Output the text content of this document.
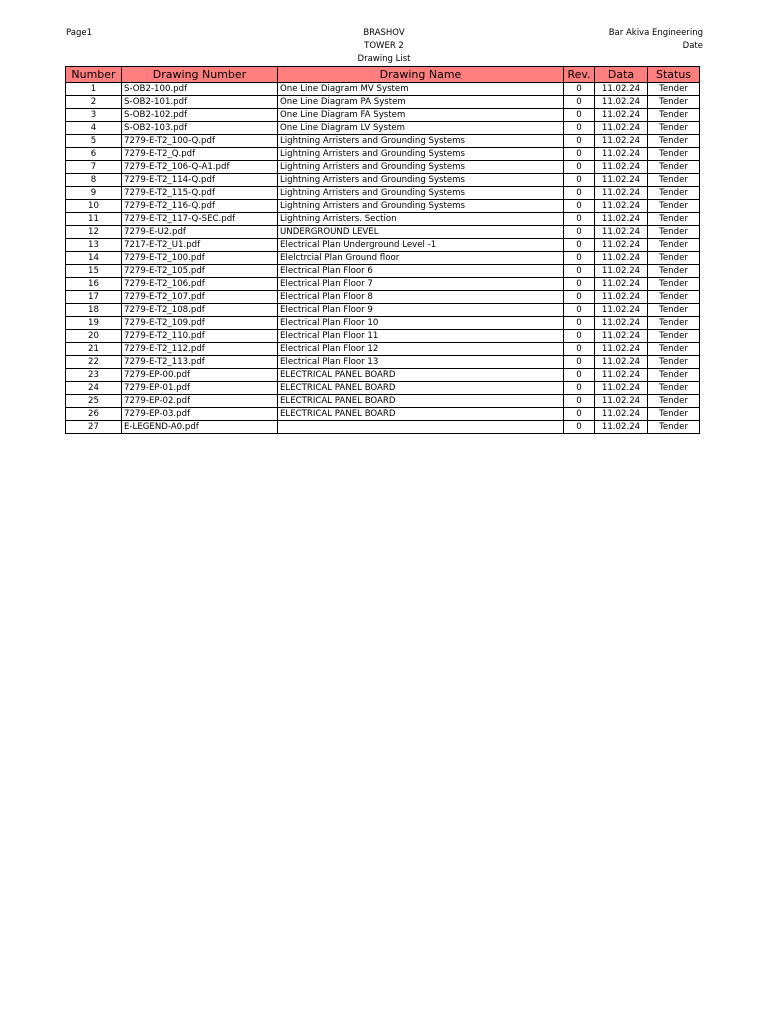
Page1	BRASHOV
TOWER 2
Drawing List
Bar Akiva Engineering
Date
Number	Drawing Number	Drawing Name	Rev.	Data	Status
1	S-OB2-100.pdf	One Line Diagram MV System	0	11.02.24	Tender
2	S-OB2-101.pdf	One Line Diagram PA System	0	11.02.24	Tender
3	S-OB2-102.pdf	One Line Diagram FA System	0	11.02.24	Tender
4	S-OB2-103.pdf	One Line Diagram LV System	0	11.02.24	Tender
5	7279-E-T2_100-Q.pdf	Lightning Arristers and Grounding Systems	0	11.02.24	Tender
6	7279-E-T2_Q.pdf	Lightning Arristers and Grounding Systems	0	11.02.24	Tender
7	7279-E-T2_106-Q-A1.pdf	Lightning Arristers and Grounding Systems	0	11.02.24	Tender
8	7279-E-T2_114-Q.pdf	Lightning Arristers and Grounding Systems	0	11.02.24	Tender
9	7279-E-T2_115-Q.pdf	Lightning Arristers and Grounding Systems	0	11.02.24	Tender
10	7279-E-T2_116-Q.pdf	Lightning Arristers and Grounding Systems	0	11.02.24	Tender
11	7279-E-T2_117-Q-SEC.pdf	Lightning Arristers. Section	0	11.02.24	Tender
12	7279-E-U2.pdf	UNDERGROUND LEVEL	0	11.02.24	Tender
13	7217-E-T2_U1.pdf	Electrical Plan Underground Level -1	0	11.02.24	Tender
14	7279-E-T2_100.pdf	Elelctrcial Plan Ground floor	0	11.02.24	Tender
15	7279-E-T2_105.pdf	Electrical Plan Floor 6	0	11.02.24	Tender
16	7279-E-T2_106.pdf	Electrical Plan Floor 7	0	11.02.24	Tender
17	7279-E-T2_107.pdf	Electrical Plan Floor 8	0	11.02.24	Tender
18	7279-E-T2_108.pdf	Electrical Plan Floor 9	0	11.02.24	Tender
19	7279-E-T2_109.pdf	Electrical Plan Floor 10	0	11.02.24	Tender
20	7279-E-T2_110.pdf	Electrical Plan Floor 11	0	11.02.24	Tender
21	7279-E-T2_112.pdf	Electrical Plan Floor 12	0	11.02.24	Tender
22	7279-E-T2_113.pdf	Electrical Plan Floor 13	0	11.02.24	Tender
23	7279-EP-00.pdf	ELECTRICAL PANEL BOARD	0	11.02.24	Tender
24	7279-EP-01.pdf	ELECTRICAL PANEL BOARD	0	11.02.24	Tender
25	7279-EP-02.pdf	ELECTRICAL PANEL BOARD	0	11.02.24	Tender
26	7279-EP-03.pdf	ELECTRICAL PANEL BOARD	0	11.02.24	Tender
27	E-LEGEND-A0.pdf		0	11.02.24	Tender
